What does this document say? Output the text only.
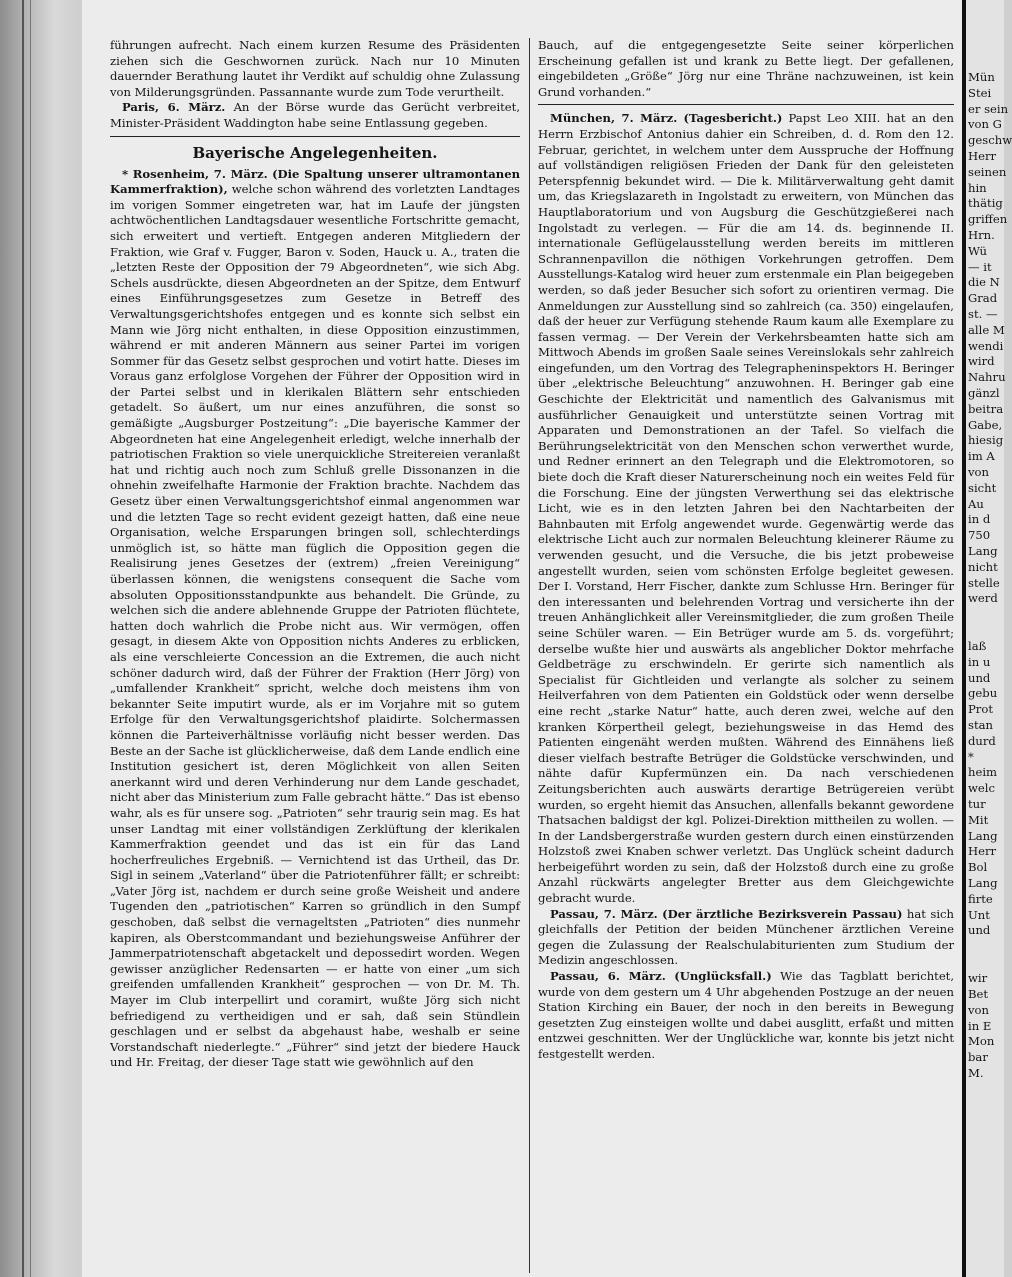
führungen aufrecht. Nach einem kurzen Resume des Präsidenten ziehen sich die Geschwornen zurück. Nach nur 10 Minuten dauernder Berathung lautet ihr Verdikt auf schuldig ohne Zulassung von Milderungsgründen. Passannante wurde zum Tode verurtheilt.

Paris, 6. März. An der Börse wurde das Gerücht verbreitet, Minister-Präsident Waddington habe seine Entlassung gegeben.

Bayerische Angelegenheiten.

* Rosenheim, 7. März. (Die Spaltung unserer ultramontanen Kammerfraktion), welche schon während des vorletzten Landtages im vorigen Sommer eingetreten war, hat im Laufe der jüngsten achtwöchentlichen Landtagsdauer wesentliche Fortschritte gemacht, sich erweitert und vertieft. Entgegen anderen Mitgliedern der Fraktion, wie Graf v. Fugger, Baron v. Soden, Hauck u. A., traten die „letzten Reste der Opposition der 79 Abgeordneten“, wie sich Abg. Schels ausdrückte, diesen Abgeordneten an der Spitze, dem Entwurf eines Einführungsgesetzes zum Gesetze in Betreff des Verwaltungsgerichtshofes entgegen und es konnte sich selbst ein Mann wie Jörg nicht enthalten, in diese Opposition einzustimmen, während er mit anderen Männern aus seiner Partei im vorigen Sommer für das Gesetz selbst gesprochen und votirt hatte. Dieses im Voraus ganz erfolglose Vorgehen der Führer der Opposition wird in der Partei selbst und in klerikalen Blättern sehr entschieden getadelt. So äußert, um nur eines anzuführen, die sonst so gemäßigte „Augsburger Postzeitung“: „Die bayerische Kammer der Abgeordneten hat eine Angelegenheit erledigt, welche innerhalb der patriotischen Fraktion so viele unerquickliche Streitereien veranlaßt hat und richtig auch noch zum Schluß grelle Dissonanzen in die ohnehin zweifelhafte Harmonie der Fraktion brachte. Nachdem das Gesetz über einen Verwaltungsgerichtshof einmal angenommen war und die letzten Tage so recht evident gezeigt hatten, daß eine neue Organisation, welche Ersparungen bringen soll, schlechterdings unmöglich ist, so hätte man füglich die Opposition gegen die Realisirung jenes Gesetzes der (extrem) „freien Vereinigung“ überlassen können, die wenigstens consequent die Sache vom absoluten Oppositionsstandpunkte aus behandelt. Die Gründe, zu welchen sich die andere ablehnende Gruppe der Patrioten flüchtete, hatten doch wahrlich die Probe nicht aus. Wir vermögen, offen gesagt, in diesem Akte von Opposition nichts Anderes zu erblicken, als eine verschleierte Concession an die Extremen, die auch nicht schöner dadurch wird, daß der Führer der Fraktion (Herr Jörg) von „umfallender Krankheit“ spricht, welche doch meistens ihm von bekannter Seite imputirt wurde, als er im Vorjahre mit so gutem Erfolge für den Verwaltungsgerichtshof plaidirte. Solchermassen können die Parteiverhältnisse vorläufig nicht besser werden. Das Beste an der Sache ist glücklicherweise, daß dem Lande endlich eine Institution gesichert ist, deren Möglichkeit von allen Seiten anerkannt wird und deren Verhinderung nur dem Lande geschadet, nicht aber das Ministerium zum Falle gebracht hätte.“ Das ist ebenso wahr, als es für unsere sog. „Patrioten“ sehr traurig sein mag. Es hat unser Landtag mit einer vollständigen Zerklüftung der klerikalen Kammerfraktion geendet und das ist ein für das Land hocherfreuliches Ergebniß. — Vernichtend ist das Urtheil, das Dr. Sigl in seinem „Vaterland“ über die Patriotenführer fällt; er schreibt: „Vater Jörg ist, nachdem er durch seine große Weisheit und andere Tugenden den „patriotischen“ Karren so gründlich in den Sumpf geschoben, daß selbst die vernageltsten „Patrioten“ dies nunmehr kapiren, als Oberstcommandant und beziehungsweise Anführer der Jammerpatriotenschaft abgetackelt und depossedirt worden. Wegen gewisser anzüglicher Redensarten — er hatte von einer „um sich greifenden umfallenden Krankheit“ gesprochen — von Dr. M. Th. Mayer im Club interpellirt und coramirt, wußte Jörg sich nicht befriedigend zu vertheidigen und er sah, daß sein Stündlein geschlagen und er selbst da abgehaust habe, weshalb er seine Vorstandschaft niederlegte.“ „Führer“ sind jetzt der biedere Hauck und Hr. Freitag, der dieser Tage statt wie gewöhnlich auf den

Bauch, auf die entgegengesetzte Seite seiner körperlichen Erscheinung gefallen ist und krank zu Bette liegt. Der gefallenen, eingebildeten „Größe“ Jörg nur eine Thräne nachzuweinen, ist kein Grund vorhanden.“

München, 7. März. (Tagesbericht.) Papst Leo XIII. hat an den Herrn Erzbischof Antonius dahier ein Schreiben, d. d. Rom den 12. Februar, gerichtet, in welchem unter dem Ausspruche der Hoffnung auf vollständigen religiösen Frieden der Dank für den geleisteten Peterspfennig bekundet wird. — Die k. Militärverwaltung geht damit um, das Kriegslazareth in Ingolstadt zu erweitern, von München das Hauptlaboratorium und von Augsburg die Geschützgießerei nach Ingolstadt zu verlegen. — Für die am 14. ds. beginnende II. internationale Geflügelausstellung werden bereits im mittleren Schrannenpavillon die nöthigen Vorkehrungen getroffen. Dem Ausstellungs-Katalog wird heuer zum erstenmale ein Plan beigegeben werden, so daß jeder Besucher sich sofort zu orientiren vermag. Die Anmeldungen zur Ausstellung sind so zahlreich (ca. 350) eingelaufen, daß der heuer zur Verfügung stehende Raum kaum alle Exemplare zu fassen vermag. — Der Verein der Verkehrsbeamten hatte sich am Mittwoch Abends im großen Saale seines Vereinslokals sehr zahlreich eingefunden, um den Vortrag des Telegrapheninspektors H. Beringer über „elektrische Beleuchtung“ anzuwohnen. H. Beringer gab eine Geschichte der Elektricität und namentlich des Galvanismus mit ausführlicher Genauigkeit und unterstützte seinen Vortrag mit Apparaten und Demonstrationen an der Tafel. So vielfach die Berührungselektricität von den Menschen schon verwerthet wurde, und Redner erinnert an den Telegraph und die Elektromotoren, so biete doch die Kraft dieser Naturerscheinung noch ein weites Feld für die Forschung. Eine der jüngsten Verwerthung sei das elektrische Licht, wie es in den letzten Jahren bei den Nachtarbeiten der Bahnbauten mit Erfolg angewendet wurde. Gegenwärtig werde das elektrische Licht auch zur normalen Beleuchtung kleinerer Räume zu verwenden gesucht, und die Versuche, die bis jetzt probeweise angestellt wurden, seien vom schönsten Erfolge begleitet gewesen. Der I. Vorstand, Herr Fischer, dankte zum Schlusse Hrn. Beringer für den interessanten und belehrenden Vortrag und versicherte ihn der treuen Anhänglichkeit aller Vereinsmitglieder, die zum großen Theile seine Schüler waren. — Ein Betrüger wurde am 5. ds. vorgeführt; derselbe wußte hier und auswärts als angeblicher Doktor mehrfache Geldbeträge zu erschwindeln. Er gerirte sich namentlich als Specialist für Gichtleiden und verlangte als solcher zu seinem Heilverfahren von dem Patienten ein Goldstück oder wenn derselbe eine recht „starke Natur“ hatte, auch deren zwei, welche auf den kranken Körpertheil gelegt, beziehungsweise in das Hemd des Patienten eingenäht werden mußten. Während des Einnähens ließ dieser vielfach bestrafte Betrüger die Goldstücke verschwinden, und nähte dafür Kupfermünzen ein. Da nach verschiedenen Zeitungsberichten auch auswärts derartige Betrügereien verübt wurden, so ergeht hiemit das Ansuchen, allenfalls bekannt gewordene Thatsachen baldigst der kgl. Polizei-Direktion mittheilen zu wollen. — In der Landsbergerstraße wurden gestern durch einen einstürzenden Holzstoß zwei Knaben schwer verletzt. Das Unglück scheint dadurch herbeigeführt worden zu sein, daß der Holzstoß durch eine zu große Anzahl rückwärts angelegter Bretter aus dem Gleichgewichte gebracht wurde.

Passau, 7. März. (Der ärztliche Bezirksverein Passau) hat sich gleichfalls der Petition der beiden Münchener ärztlichen Vereine gegen die Zulassung der Realschulabiturienten zum Studium der Medizin angeschlossen.

Passau, 6. März. (Unglücksfall.) Wie das Tagblatt berichtet, wurde von dem gestern um 4 Uhr abgehenden Postzuge an der neuen Station Kirching ein Bauer, der noch in den bereits in Bewegung gesetzten Zug einsteigen wollte und dabei ausglitt, erfaßt und mitten entzwei geschnitten. Wer der Unglückliche war, konnte bis jetzt nicht festgestellt werden.

Mün
Stei
er sein
von G
geschw
Herr
seinen
hin
thätig
griffen
Hrn.
Wü
— it
die N
Grad
st. —
alle M
wendi
wird
Nahru
gänzl
beitra
Gabe,
hiesig
im A
von
sicht
Au
in d
750
Lang
nicht
stelle
werd
laß
in u
und
gebu
Prot
stan
durd
*
heim
welc
tur
Mit
Lang
Herr
Bol
Lang
firte
Unt
und
wir
Bet
von
in E
Mon
bar
M.
